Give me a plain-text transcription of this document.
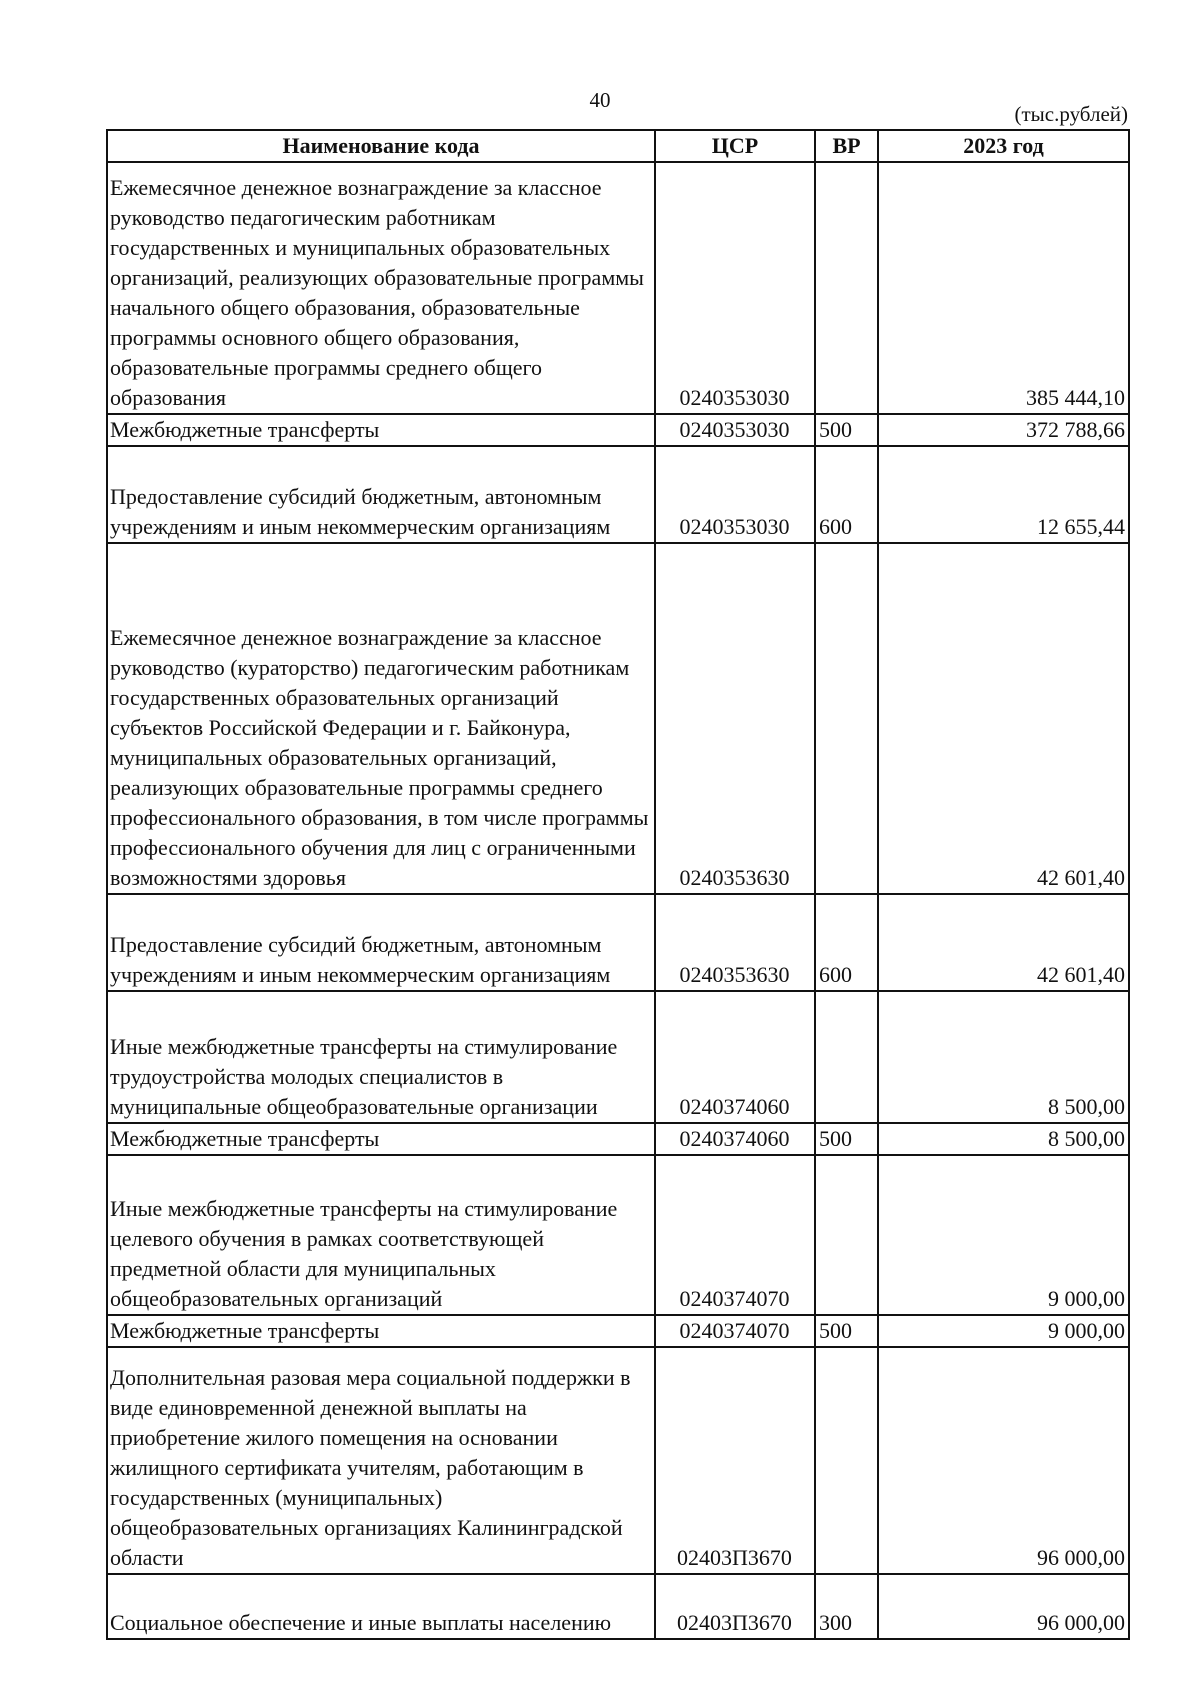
40
(тыс.рублей)
Наименование кода	ЦСР	ВР	2023 год
Ежемесячное денежное вознаграждение за классное руководство педагогическим работникам государственных и муниципальных образовательных организаций, реализующих образовательные программы начального общего образования, образовательные программы основного общего образования, образовательные программы среднего общего образования	0240353030		385 444,10
Межбюджетные трансферты	0240353030	500	372 788,66
Предоставление субсидий бюджетным, автономным учреждениям и иным некоммерческим организациям	0240353030	600	12 655,44
Ежемесячное денежное вознаграждение за классное руководство (кураторство) педагогическим работникам государственных образовательных организаций субъектов Российской Федерации и г. Байконура, муниципальных образовательных организаций, реализующих образовательные программы среднего профессионального образования, в том числе программы профессионального обучения для лиц с ограниченными возможностями здоровья	0240353630		42 601,40
Предоставление субсидий бюджетным, автономным учреждениям и иным некоммерческим организациям	0240353630	600	42 601,40
Иные межбюджетные трансферты на стимулирование трудоустройства молодых специалистов в муниципальные общеобразовательные организации	0240374060		8 500,00
Межбюджетные трансферты	0240374060	500	8 500,00
Иные межбюджетные трансферты на стимулирование целевого обучения в рамках соответствующей предметной области для муниципальных общеобразовательных организаций	0240374070		9 000,00
Межбюджетные трансферты	0240374070	500	9 000,00
Дополнительная разовая мера социальной поддержки в виде единовременной денежной выплаты на приобретение жилого помещения на основании жилищного сертификата учителям, работающим в государственных (муниципальных) общеобразовательных организациях Калининградской области	02403П3670		96 000,00
Социальное обеспечение и иные выплаты населению	02403П3670	300	96 000,00
